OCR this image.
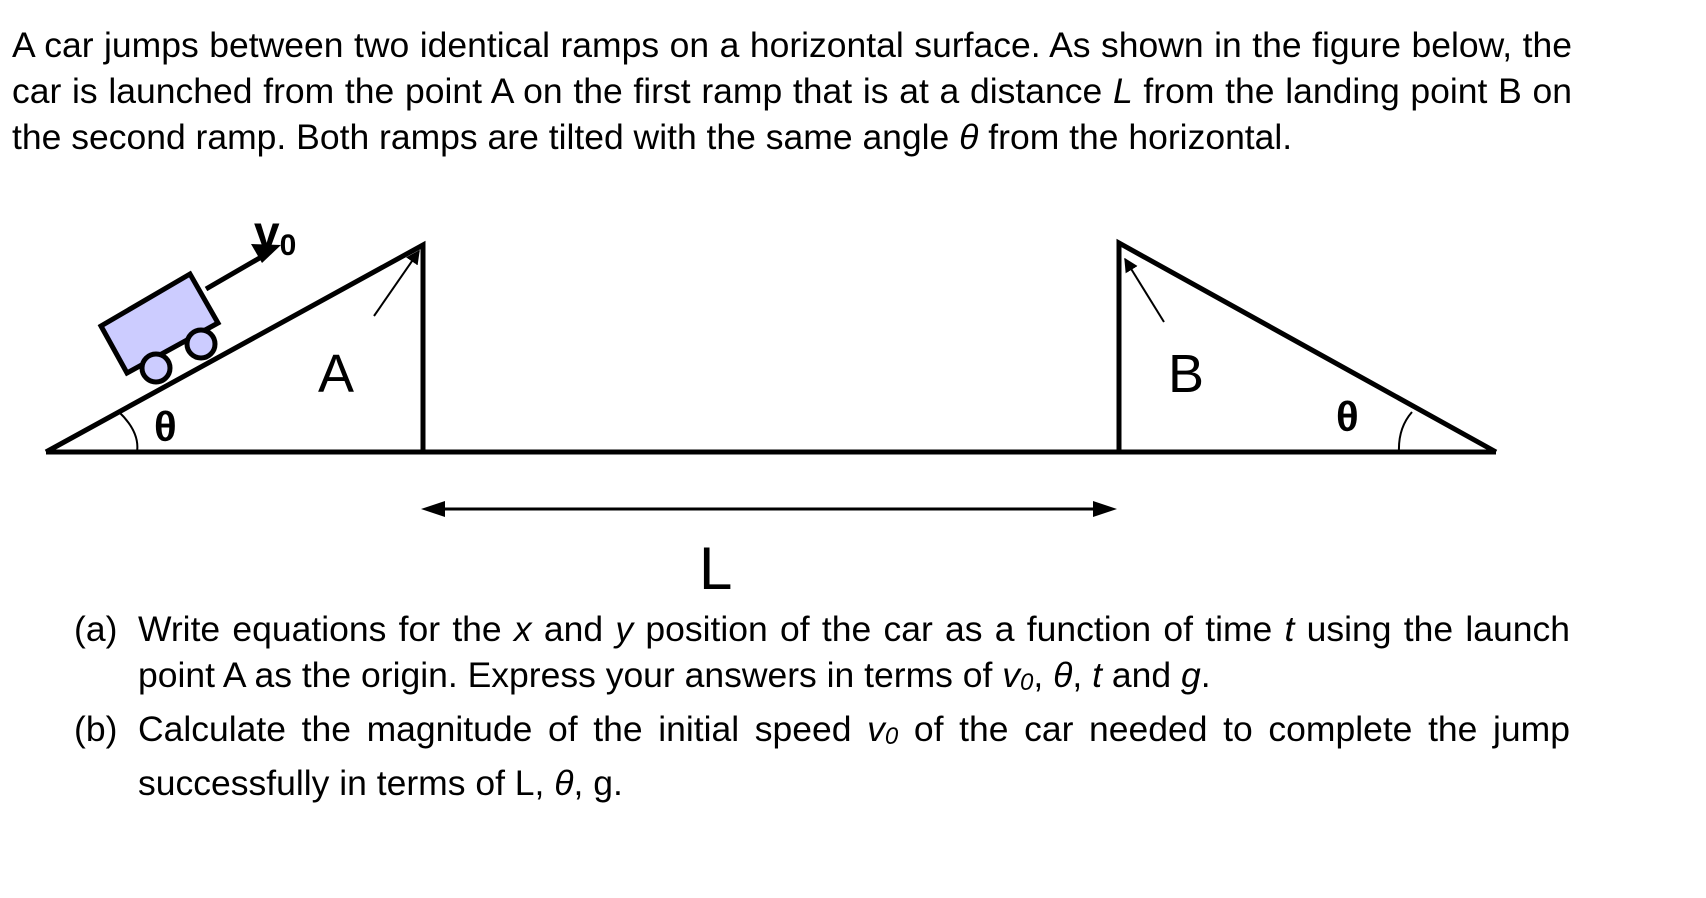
A car jumps between two identical ramps on a horizontal surface. As shown in the figure below, the car is launched from the point A on the first ramp that is at a distance L from the landing point B on the second ramp. Both ramps are tilted with the same angle θ from the horizontal.

v0
A	B
θ	θ
L
(a) Write equations for the x and y position of the car as a function of time t using the launch point A as the origin. Express your answers in terms of v0, θ, t and g.
(b) Calculate the magnitude of the initial speed v0 of the car needed to complete the jump successfully in terms of L, θ, g.
